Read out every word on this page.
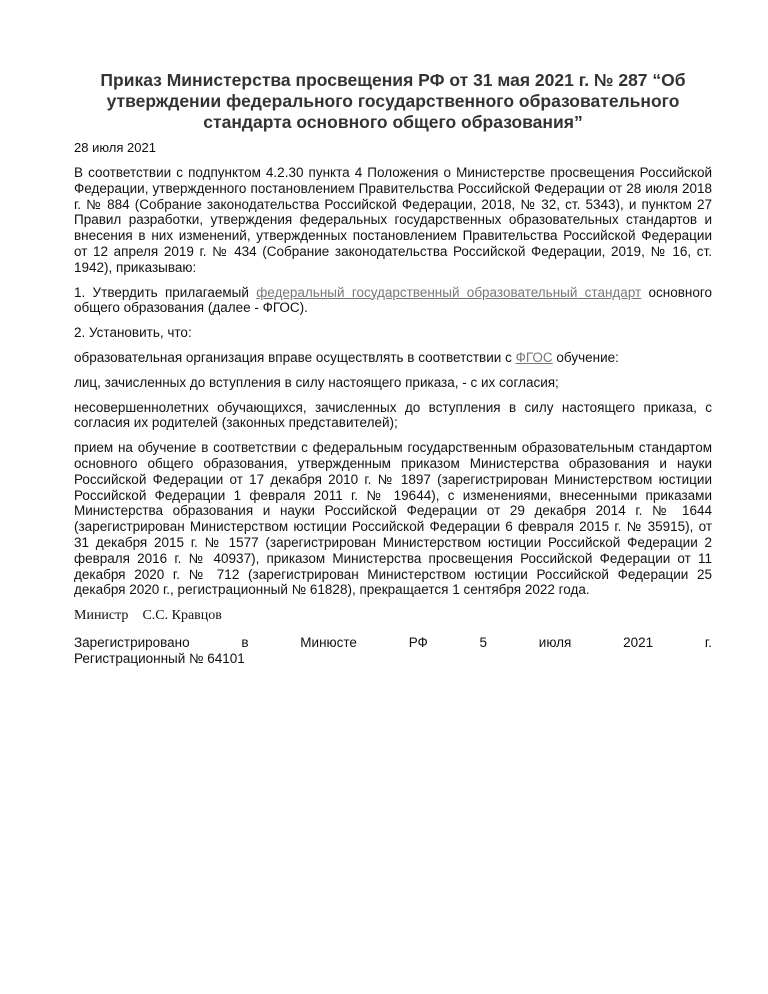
Приказ Министерства просвещения РФ от 31 мая 2021 г. № 287 “Об утверждении федерального государственного образовательного стандарта основного общего образования”
28 июля 2021

В соответствии с подпунктом 4.2.30 пункта 4 Положения о Министерстве просвещения Российской Федерации, утвержденного постановлением Правительства Российской Федерации от 28 июля 2018 г. № 884 (Собрание законодательства Российской Федерации, 2018, № 32, ст. 5343), и пунктом 27 Правил разработки, утверждения федеральных государственных образовательных стандартов и внесения в них изменений, утвержденных постановлением Правительства Российской Федерации от 12 апреля 2019 г. № 434 (Собрание законодательства Российской Федерации, 2019, № 16, ст. 1942), приказываю:

1. Утвердить прилагаемый федеральный государственный образовательный стандарт основного общего образования (далее - ФГОС).

2. Установить, что:

образовательная организация вправе осуществлять в соответствии с ФГОС обучение:

лиц, зачисленных до вступления в силу настоящего приказа, - с их согласия;

несовершеннолетних обучающихся, зачисленных до вступления в силу настоящего приказа, с согласия их родителей (законных представителей);

прием на обучение в соответствии с федеральным государственным образовательным стандартом основного общего образования, утвержденным приказом Министерства образования и науки Российской Федерации от 17 декабря 2010 г. № 1897 (зарегистрирован Министерством юстиции Российской Федерации 1 февраля 2011 г. № 19644), с изменениями, внесенными приказами Министерства образования и науки Российской Федерации от 29 декабря 2014 г. № 1644 (зарегистрирован Министерством юстиции Российской Федерации 6 февраля 2015 г. № 35915), от 31 декабря 2015 г. № 1577 (зарегистрирован Министерством юстиции Российской Федерации 2 февраля 2016 г. № 40937), приказом Министерства просвещения Российской Федерации от 11 декабря 2020 г. № 712 (зарегистрирован Министерством юстиции Российской Федерации 25 декабря 2020 г., регистрационный № 61828), прекращается 1 сентября 2022 года.

Министр С.С. Кравцов
Зарегистрировано	в	Минюсте	РФ	5	июля	2021	г.
Регистрационный № 64101
